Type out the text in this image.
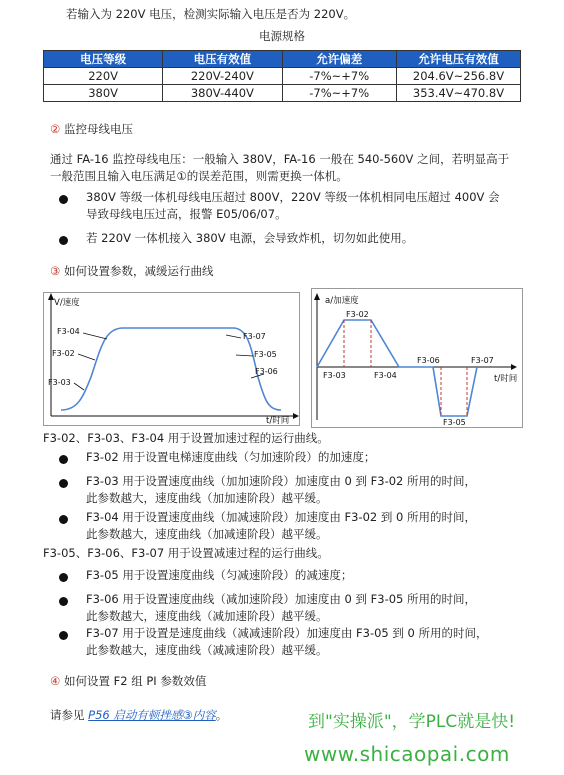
若输入为 220V 电压，检测实际输入电压是否为 220V。
电源规格
电压等级	电压有效值	允许偏差	允许电压有效值
220V	220V-240V	-7%~+7%	204.6V~256.8V
380V	380V-440V	-7%~+7%	353.4V~470.8V
② 监控母线电压
通过 FA-16 监控母线电压：一般输入 380V，FA-16 一般在 540-560V 之间，若明显高于
一般范围且输入电压满足①的误差范围，则需更换一体机。
380V 等级一体机母线电压超过 800V，220V 等级一体机相同电压超过 400V 会
导致母线电压过高，报警 E05/06/07。
若 220V 一体机接入 380V 电源，会导致炸机，切勿如此使用。
③ 如何设置参数，减缓运行曲线
V/速度
t/时间
F3-04
F3-02
F3-03
F3-07
F3-05
F3-06
a/加速度
t/时间
F3-02
F3-03	F3-04
F3-06	F3-07
F3-05
F3-02、F3-03、F3-04 用于设置加速过程的运行曲线。
F3-02 用于设置电梯速度曲线（匀加速阶段）的加速度；
F3-03 用于设置速度曲线（加加速阶段）加速度由 0 到 F3-02 所用的时间，
此参数越大，速度曲线（加加速阶段）越平缓。
F3-04 用于设置速度曲线（加减速阶段）加速度由 F3-02 到 0 所用的时间，
此参数越大，速度曲线（加减速阶段）越平缓。
F3-05、F3-06、F3-07 用于设置减速过程的运行曲线。
F3-05 用于设置速度曲线（匀减速阶段）的减速度；
F3-06 用于设置速度曲线（减加速阶段）加速度由 0 到 F3-05 所用的时间，
此参数越大，速度曲线（减加速阶段）越平缓。
F3-07 用于设置是速度曲线（减减速阶段）加速度由 F3-05 到 0 所用的时间，
此参数越大，速度曲线（减减速阶段）越平缓。
④ 如何设置 F2 组 PI 参数效值
请参见 P56 启动有顿挫感③内容。	到"实操派"，学PLC就是快!
www.shicaopai.com
